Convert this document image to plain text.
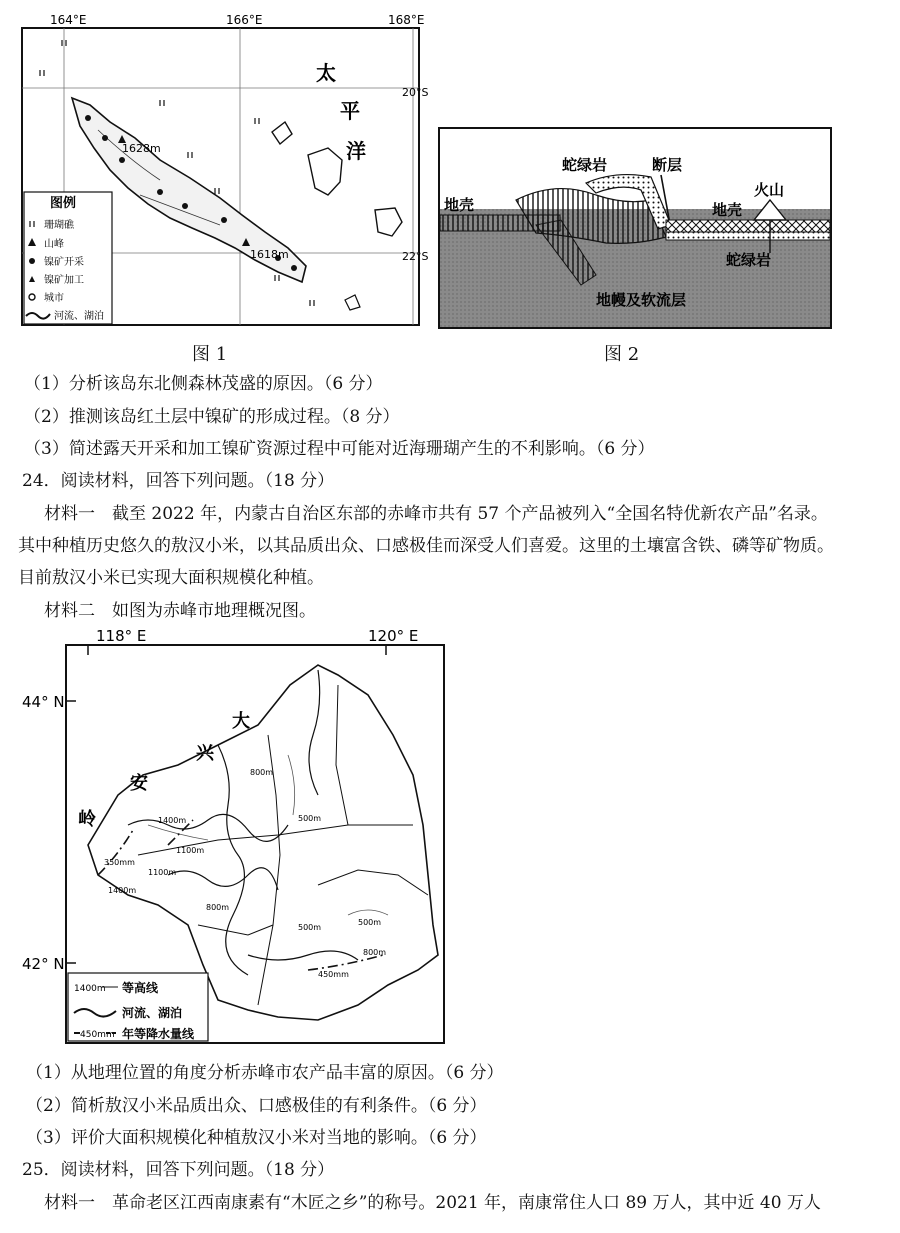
1628m
1618m
太
平
洋
164°E	166°E	168°E
20°S
22°S
图例
珊瑚礁
山峰
镍矿开采
镍矿加工
城市
河流、湖泊
图 1
蛇绿岩	断层
火山
地壳	地壳
蛇绿岩
地幔及软流层
图 2
（1）分析该岛东北侧森林茂盛的原因。（6 分）
（2）推测该岛红土层中镍矿的形成过程。（8 分）
（3）简述露天开采和加工镍矿资源过程中可能对近海珊瑚产生的不利影响。（6 分）
24．阅读材料，回答下列问题。（18 分）
材料一　截至 2022 年，内蒙古自治区东部的赤峰市共有 57 个产品被列入“全国名特优新农产品”名录。
其中种植历史悠久的敖汉小米，以其品质出众、口感极佳而深受人们喜爱。这里的土壤富含铁、磷等矿物质。
目前敖汉小米已实现大面积规模化种植。
材料二　如图为赤峰市地理概况图。
118° E	120° E
44° N
42° N
大
兴
安
岭	1400m
1100m
800m
500m
350mm
1100m
1400m
800m
500m
500m
800m
450mm
1400m 等高线
河流、湖泊
450mm 年等降水量线
（1）从地理位置的角度分析赤峰市农产品丰富的原因。（6 分）
（2）简析敖汉小米品质出众、口感极佳的有利条件。（6 分）
（3）评价大面积规模化种植敖汉小米对当地的影响。（6 分）
25．阅读材料，回答下列问题。（18 分）
材料一　革命老区江西南康素有“木匠之乡”的称号。2021 年，南康常住人口 89 万人，其中近 40 万人
